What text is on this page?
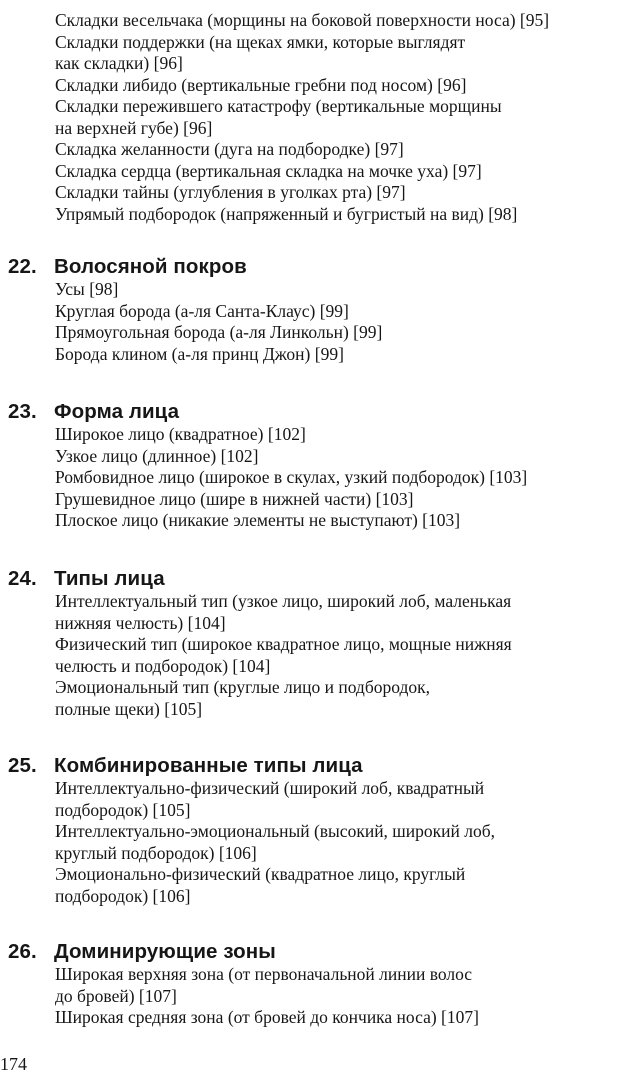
Складки весельчака (морщины на боковой поверхности носа) [95]
Складки поддержки (на щеках ямки, которые выглядят
как складки) [96]
Складки либидо (вертикальные гребни под носом) [96]
Складки пережившего катастрофу (вертикальные морщины
на верхней губе) [96]
Складка желанности (дуга на подбородке) [97]
Складка сердца (вертикальная складка на мочке уха) [97]
Складки тайны (углубления в уголках рта) [97]
Упрямый подбородок (напряженный и бугристый на вид) [98]
22. Волосяной покров
Усы [98]
Круглая борода (а-ля Санта-Клаус) [99]
Прямоугольная борода (а-ля Линкольн) [99]
Борода клином (а-ля принц Джон) [99]
23. Форма лица
Широкое лицо (квадратное) [102]
Узкое лицо (длинное) [102]
Ромбовидное лицо (широкое в скулах, узкий подбородок) [103]
Грушевидное лицо (шире в нижней части) [103]
Плоское лицо (никакие элементы не выступают) [103]
24. Типы лица
Интеллектуальный тип (узкое лицо, широкий лоб, маленькая
нижняя челюсть) [104]
Физический тип (широкое квадратное лицо, мощные нижняя
челюсть и подбородок) [104]
Эмоциональный тип (круглые лицо и подбородок,
полные щеки) [105]
25. Комбинированные типы лица
Интеллектуально-физический (широкий лоб, квадратный
подбородок) [105]
Интеллектуально-эмоциональный (высокий, широкий лоб,
круглый подбородок) [106]
Эмоционально-физический (квадратное лицо, круглый
подбородок) [106]
26. Доминирующие зоны
Широкая верхняя зона (от первоначальной линии волос
до бровей) [107]
Широкая средняя зона (от бровей до кончика носа) [107]
174
